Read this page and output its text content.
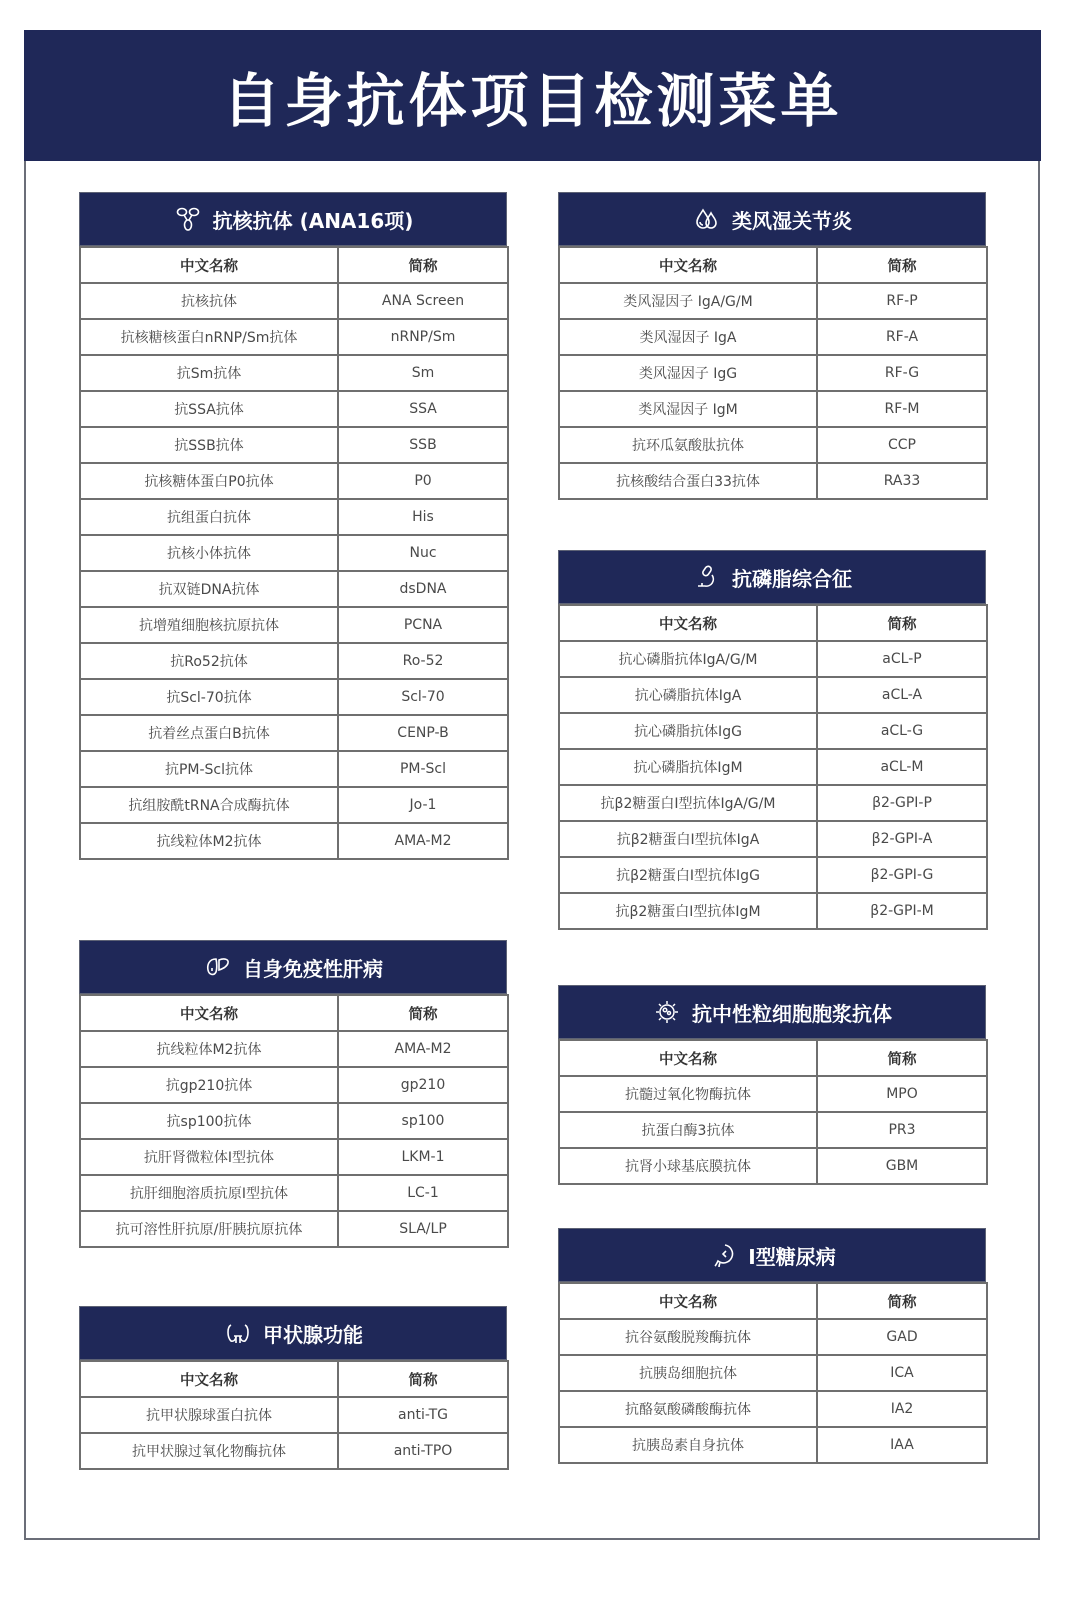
自身抗体项目检测菜单
抗核抗体 (ANA16项)
中文名称	简称
抗核抗体	ANA Screen
抗核糖核蛋白nRNP/Sm抗体	nRNP/Sm
抗Sm抗体	Sm
抗SSA抗体	SSA
抗SSB抗体	SSB
抗核糖体蛋白P0抗体	P0
抗组蛋白抗体	His
抗核小体抗体	Nuc
抗双链DNA抗体	dsDNA
抗增殖细胞核抗原抗体	PCNA
抗Ro52抗体	Ro-52
抗Scl-70抗体	Scl-70
抗着丝点蛋白B抗体	CENP-B
抗PM-Scl抗体	PM-Scl
抗组胺酰tRNA合成酶抗体	Jo-1
抗线粒体M2抗体	AMA-M2
自身免疫性肝病
中文名称	简称
抗线粒体M2抗体	AMA-M2
抗gp210抗体	gp210
抗sp100抗体	sp100
抗肝肾微粒体I型抗体	LKM-1
抗肝细胞溶质抗原I型抗体	LC-1
抗可溶性肝抗原/肝胰抗原抗体	SLA/LP
甲状腺功能
中文名称	简称
抗甲状腺球蛋白抗体	anti-TG
抗甲状腺过氧化物酶抗体	anti-TPO
类风湿关节炎
中文名称	简称
类风湿因子 IgA/G/M	RF-P
类风湿因子 IgA	RF-A
类风湿因子 IgG	RF-G
类风湿因子 IgM	RF-M
抗环瓜氨酸肽抗体	CCP
抗核酸结合蛋白33抗体	RA33
抗磷脂综合征
中文名称	简称
抗心磷脂抗体IgA/G/M	aCL-P
抗心磷脂抗体IgA	aCL-A
抗心磷脂抗体IgG	aCL-G
抗心磷脂抗体IgM	aCL-M
抗β2糖蛋白Ⅰ型抗体IgA/G/M	β2-GPⅠ-P
抗β2糖蛋白Ⅰ型抗体IgA	β2-GPⅠ-A
抗β2糖蛋白Ⅰ型抗体IgG	β2-GPⅠ-G
抗β2糖蛋白Ⅰ型抗体IgM	β2-GPⅠ-M
抗中性粒细胞胞浆抗体
中文名称	简称
抗髓过氧化物酶抗体	MPO
抗蛋白酶3抗体	PR3
抗肾小球基底膜抗体	GBM
Ⅰ型糖尿病
中文名称	简称
抗谷氨酸脱羧酶抗体	GAD
抗胰岛细胞抗体	ICA
抗酪氨酸磷酸酶抗体	IA2
抗胰岛素自身抗体	IAA
